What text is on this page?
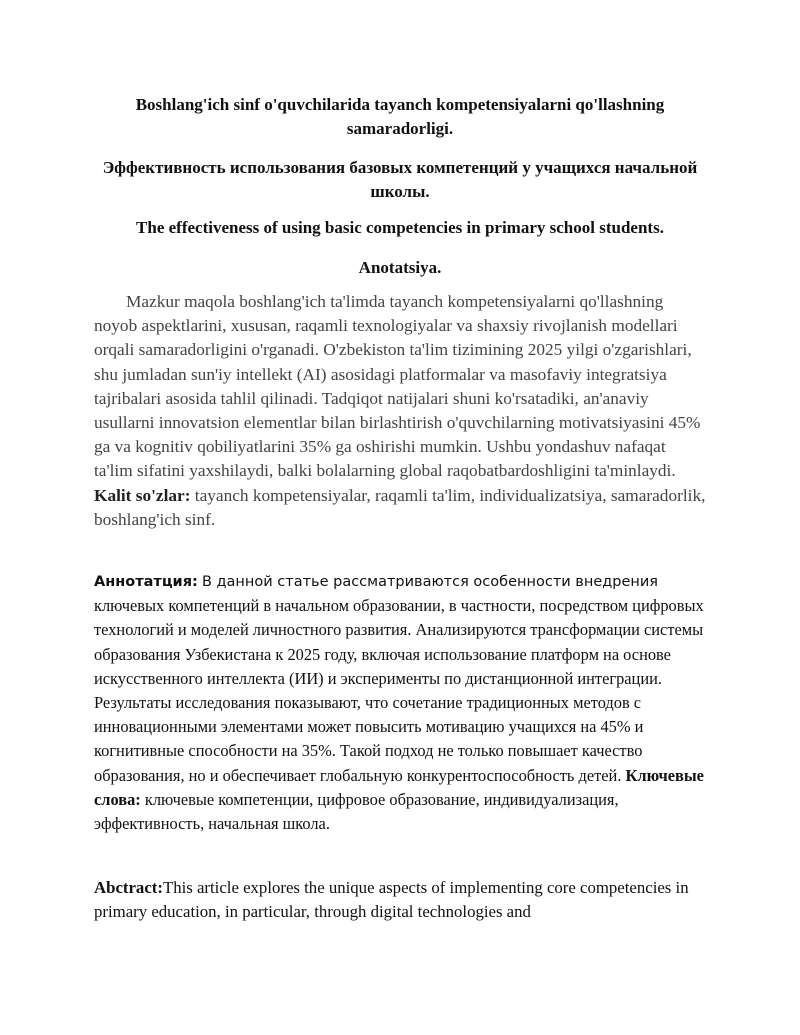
Boshlang'ich sinf o'quvchilarida tayanch kompetensiyalarni qo'llashning samaradorligi.
Эффективность использования базовых компетенций у учащихся начальной школы.
The effectiveness of using basic competencies in primary school students.
Anotatsiya.

Mazkur maqola boshlang'ich ta'limda tayanch kompetensiyalarni qo'llashning noyob aspektlarini, xususan, raqamli texnologiyalar va shaxsiy rivojlanish modellari orqali samaradorligini o'rganadi. O'zbekiston ta'lim tizimining 2025 yilgi o'zgarishlari, shu jumladan sun'iy intellekt (AI) asosidagi platformalar va masofaviy integratsiya tajribalari asosida tahlil qilinadi. Tadqiqot natijalari shuni ko'rsatadiki, an'anaviy usullarni innovatsion elementlar bilan birlashtirish o'quvchilarning motivatsiyasini 45% ga va kognitiv qobiliyatlarini 35% ga oshirishi mumkin. Ushbu yondashuv nafaqat ta'lim sifatini yaxshilaydi, balki bolalarning global raqobatbardoshligini ta'minlaydi. Kalit so'zlar: tayanch kompetensiyalar, raqamli ta'lim, individualizatsiya, samaradorlik, boshlang'ich sinf.

Аннотатция: В данной статье рассматриваются особенности внедрения ключевых компетенций в начальном образовании, в частности, посредством цифровых технологий и моделей личностного развития. Анализируются трансформации системы образования Узбекистана к 2025 году, включая использование платформ на основе искусственного интеллекта (ИИ) и эксперименты по дистанционной интеграции. Результаты исследования показывают, что сочетание традиционных методов с инновационными элементами может повысить мотивацию учащихся на 45% и когнитивные способности на 35%. Такой подход не только повышает качество образования, но и обеспечивает глобальную конкурентоспособность детей. Ключевые слова: ключевые компетенции, цифровое образование, индивидуализация, эффективность, начальная школа.

Abctract:This article explores the unique aspects of implementing core competencies in primary education, in particular, through digital technologies and
